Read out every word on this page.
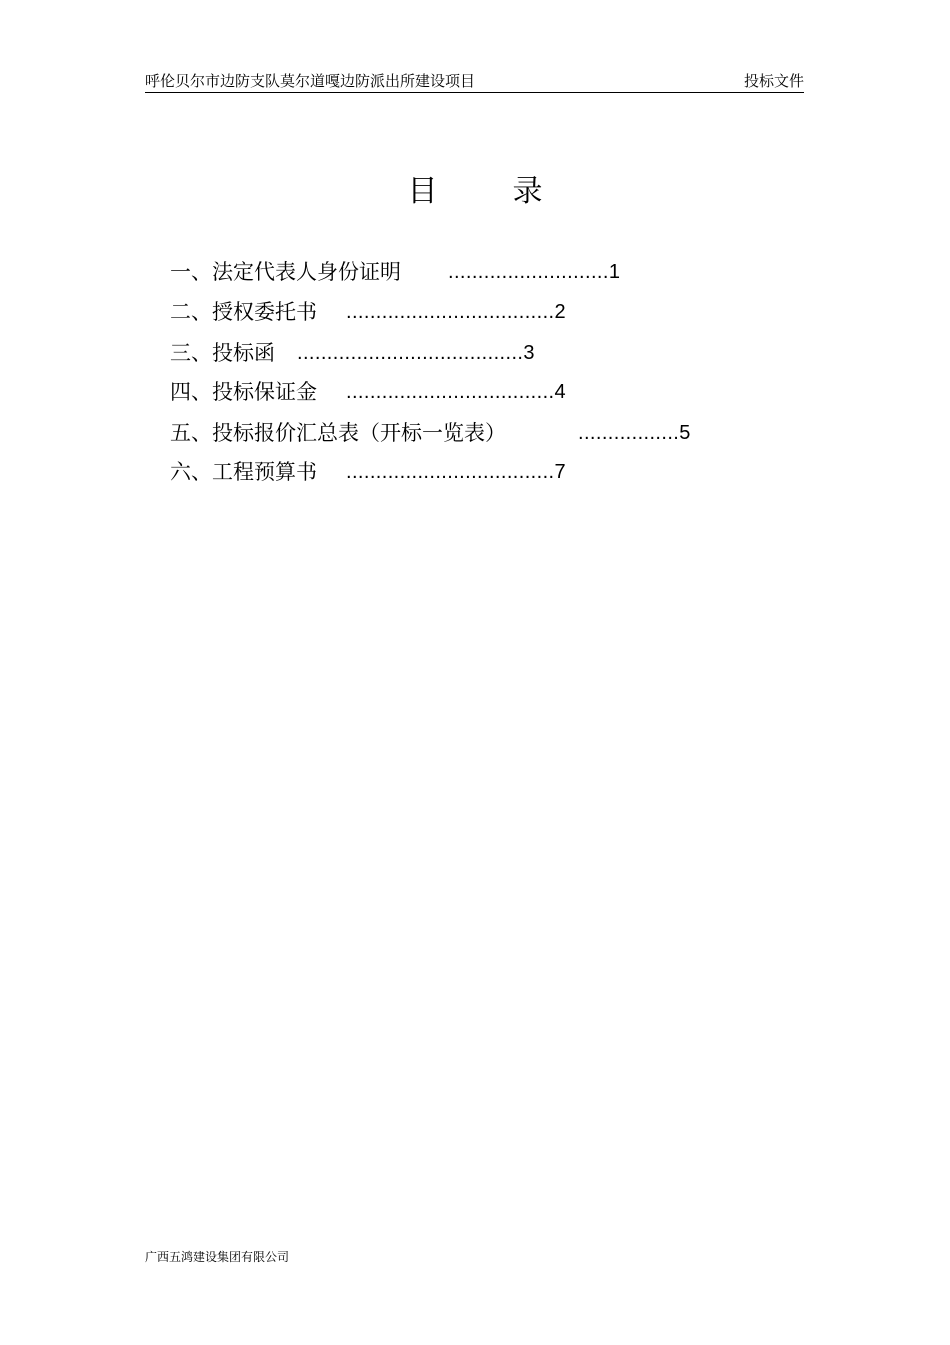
呼伦贝尔市边防支队莫尔道嘎边防派出所建设项目	投标文件
目	录
一、法定代表人身份证明 ...........................1
二、授权委托书 ...................................2
三、投标函 ......................................3
四、投标保证金 ...................................4
五、投标报价汇总表（开标一览表）	.................5
六、工程预算书 ...................................7
广西五鸿建设集团有限公司
